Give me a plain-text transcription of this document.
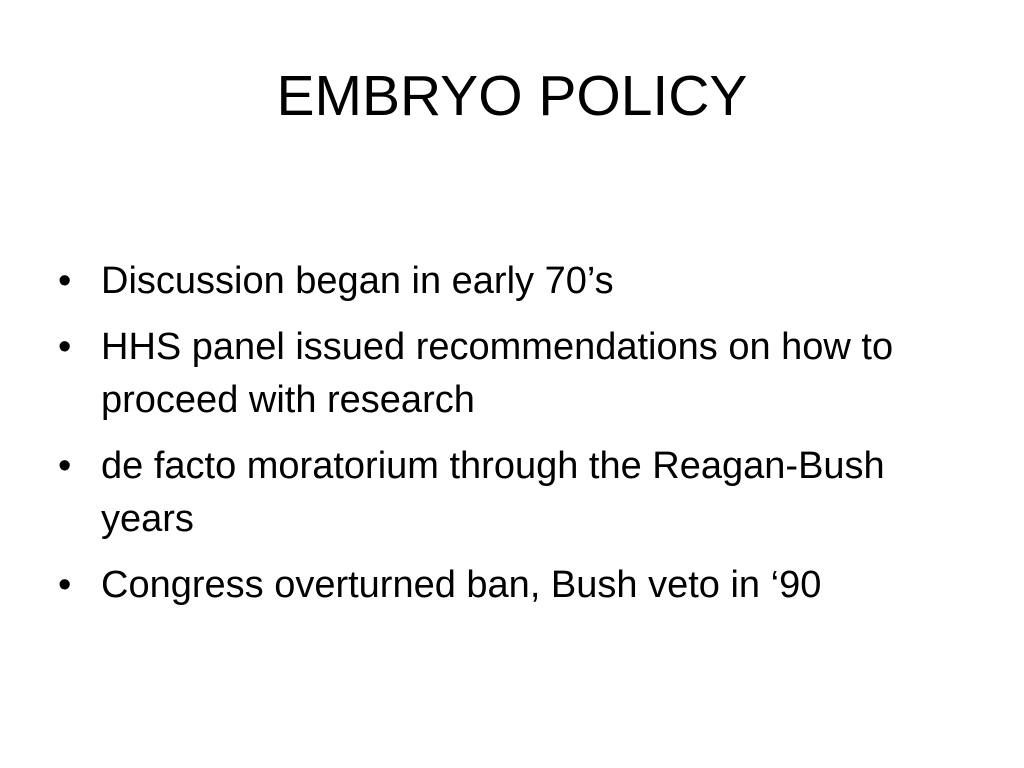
EMBRYO POLICY
• Discussion began in early 70’s
• HHS panel issued recommendations on how to proceed with research
• de facto moratorium through the Reagan-Bush years
• Congress overturned ban, Bush veto in ‘90
